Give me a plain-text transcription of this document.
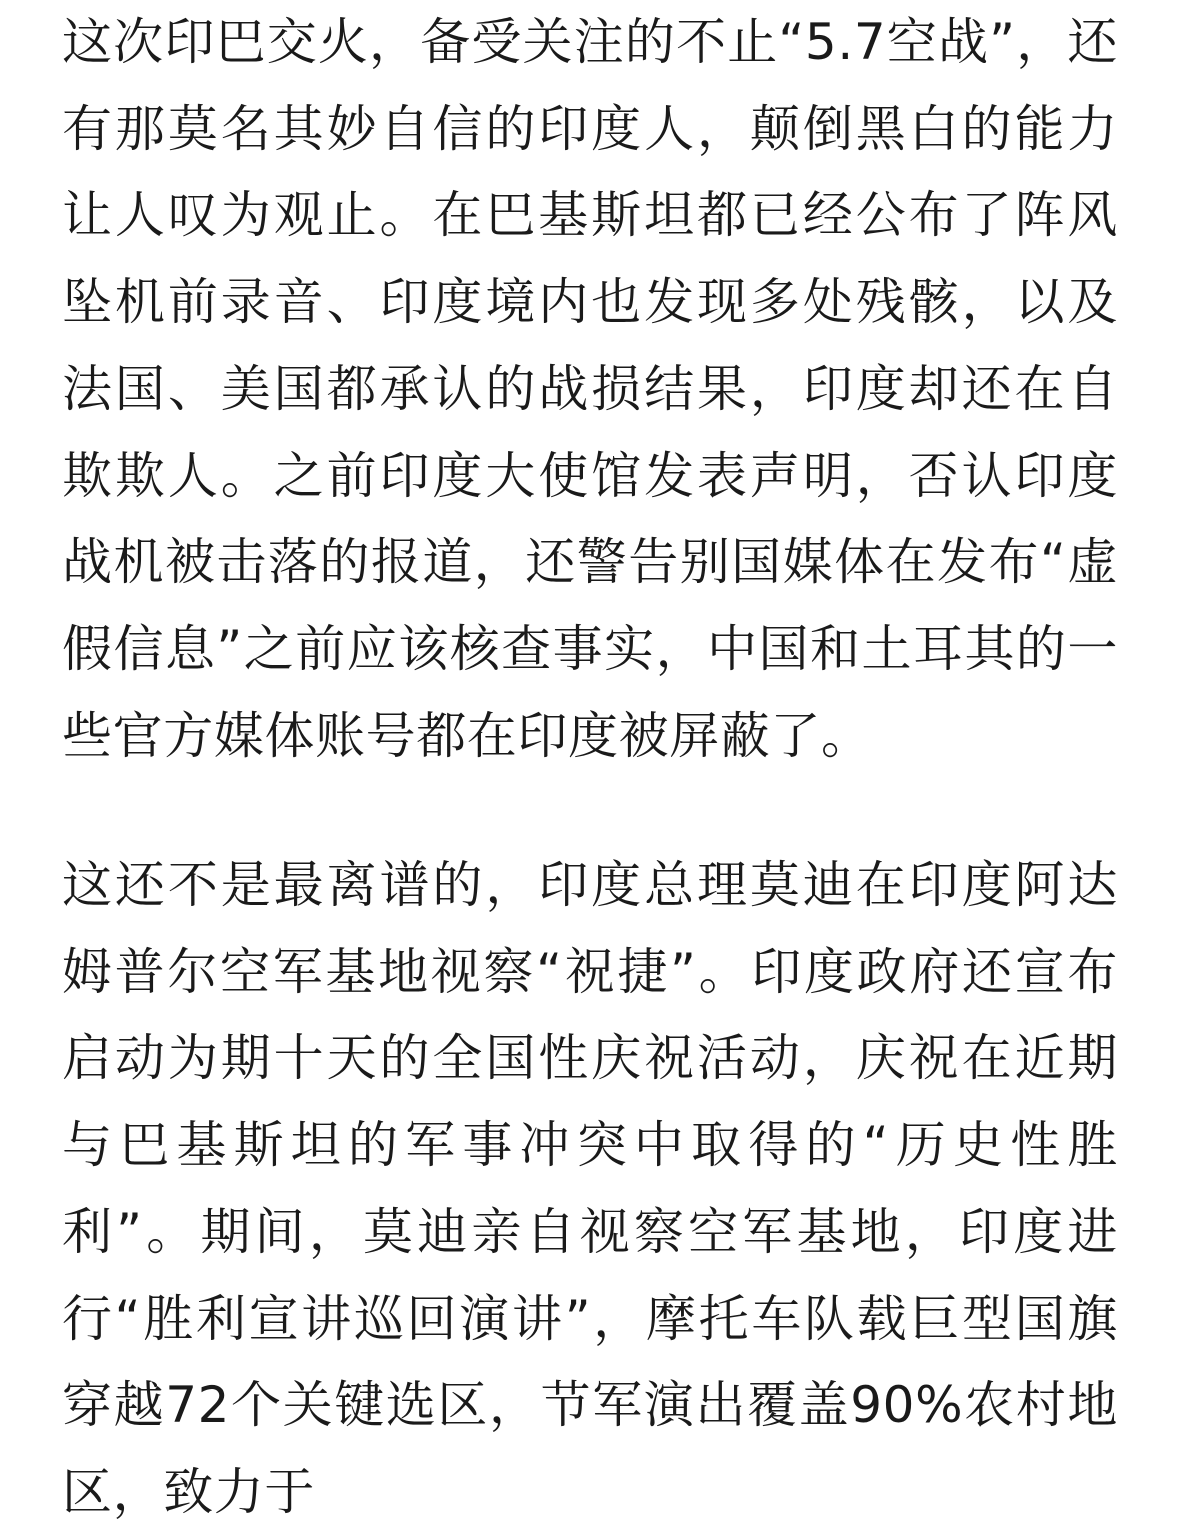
这次印巴交火，备受关注的不止“5.7空战”，还有那莫名其妙自信的印度人，颠倒黑白的能力让人叹为观止。在巴基斯坦都已经公布了阵风坠机前录音、印度境内也发现多处残骸，以及法国、美国都承认的战损结果，印度却还在自欺欺人。之前印度大使馆发表声明，否认印度战机被击落的报道，还警告别国媒体在发布“虚假信息”之前应该核查事实，中国和土耳其的一些官方媒体账号都在印度被屏蔽了。

这还不是最离谱的，印度总理莫迪在印度阿达姆普尔空军基地视察“祝捷”。印度政府还宣布启动为期十天的全国性庆祝活动，庆祝在近期与巴基斯坦的军事冲突中取得的“历史性胜利”。期间，莫迪亲自视察空军基地，印度进行“胜利宣讲巡回演讲”，摩托车队载巨型国旗穿越72个关键选区，节军演出覆盖90%农村地区，致力于
